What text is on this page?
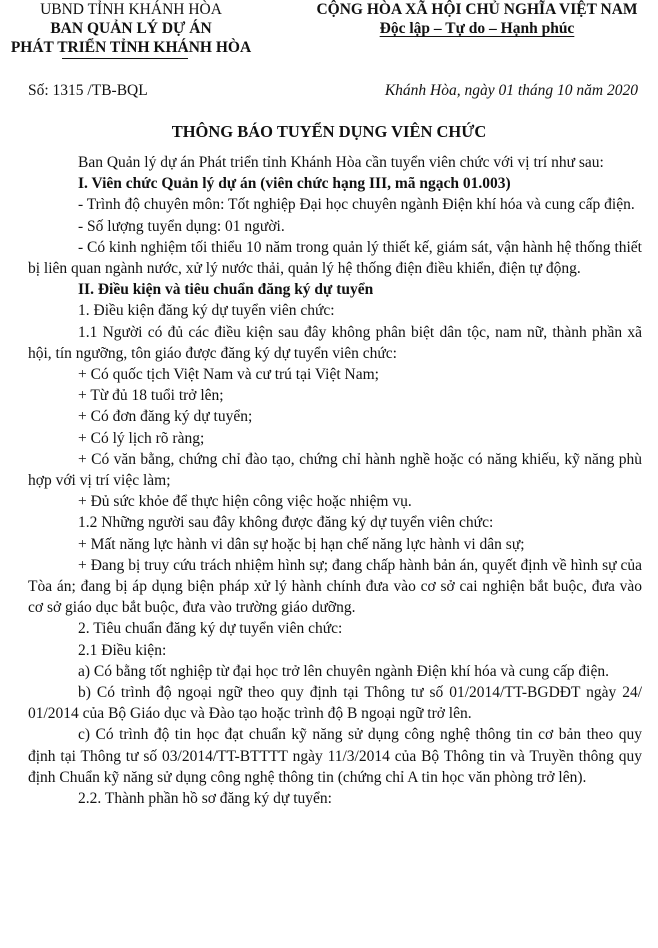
UBND TỈNH KHÁNH HÒA
BAN QUẢN LÝ DỰ ÁN
PHÁT TRIỂN TỈNH KHÁNH HÒA
CỘNG HÒA XÃ HỘI CHỦ NGHĨA VIỆT NAM
Độc lập – Tự do – Hạnh phúc
Số: 1315 /TB-BQL	Khánh Hòa, ngày 01 tháng 10 năm 2020
THÔNG BÁO TUYỂN DỤNG VIÊN CHỨC

Ban Quản lý dự án Phát triển tỉnh Khánh Hòa cần tuyển viên chức với vị trí như sau:

I. Viên chức Quản lý dự án (viên chức hạng III, mã ngạch 01.003)

- Trình độ chuyên môn: Tốt nghiệp Đại học chuyên ngành Điện khí hóa và cung cấp điện.

- Số lượng tuyển dụng: 01 người.

- Có kinh nghiệm tối thiểu 10 năm trong quản lý thiết kế, giám sát, vận hành hệ thống thiết bị liên quan ngành nước, xử lý nước thải, quản lý hệ thống điện điều khiển, điện tự động.

II. Điều kiện và tiêu chuẩn đăng ký dự tuyển

1. Điều kiện đăng ký dự tuyển viên chức:

1.1 Người có đủ các điều kiện sau đây không phân biệt dân tộc, nam nữ, thành phần xã hội, tín ngưỡng, tôn giáo được đăng ký dự tuyển viên chức:

+ Có quốc tịch Việt Nam và cư trú tại Việt Nam;

+ Từ đủ 18 tuổi trở lên;

+ Có đơn đăng ký dự tuyển;

+ Có lý lịch rõ ràng;

+ Có văn bằng, chứng chỉ đào tạo, chứng chỉ hành nghề hoặc có năng khiếu, kỹ năng phù hợp với vị trí việc làm;

+ Đủ sức khỏe để thực hiện công việc hoặc nhiệm vụ.

1.2 Những người sau đây không được đăng ký dự tuyển viên chức:

+ Mất năng lực hành vi dân sự hoặc bị hạn chế năng lực hành vi dân sự;

+ Đang bị truy cứu trách nhiệm hình sự; đang chấp hành bản án, quyết định về hình sự của Tòa án; đang bị áp dụng biện pháp xử lý hành chính đưa vào cơ sở cai nghiện bắt buộc, đưa vào cơ sở giáo dục bắt buộc, đưa vào trường giáo dưỡng.

2. Tiêu chuẩn đăng ký dự tuyển viên chức:

2.1 Điều kiện:

a) Có bằng tốt nghiệp từ đại học trở lên chuyên ngành Điện khí hóa và cung cấp điện.

b) Có trình độ ngoại ngữ theo quy định tại Thông tư số 01/2014/TT-BGDĐT ngày 24/ 01/2014 của Bộ Giáo dục và Đào tạo hoặc trình độ B ngoại ngữ trở lên.

c) Có trình độ tin học đạt chuẩn kỹ năng sử dụng công nghệ thông tin cơ bản theo quy định tại Thông tư số 03/2014/TT-BTTTT ngày 11/3/2014 của Bộ Thông tin và Truyền thông quy định Chuẩn kỹ năng sử dụng công nghệ thông tin (chứng chỉ A tin học văn phòng trở lên).

2.2. Thành phần hồ sơ đăng ký dự tuyển:
